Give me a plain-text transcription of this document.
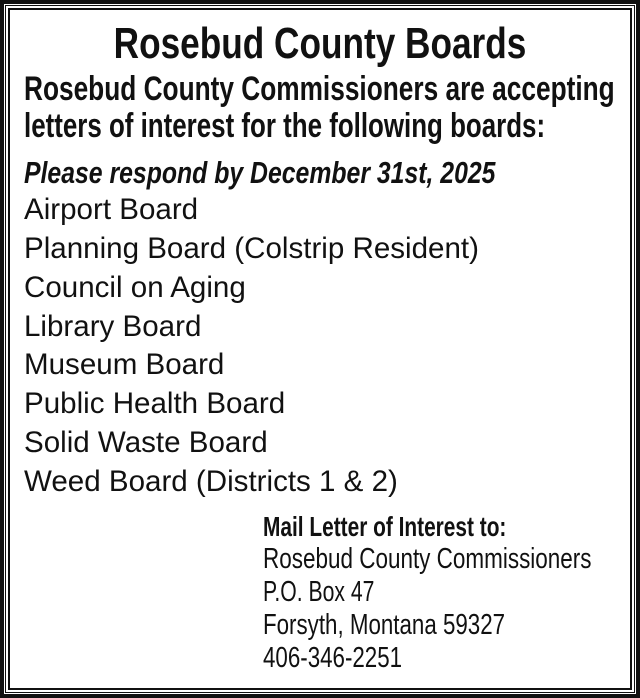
Rosebud County Boards
Rosebud County Commissioners are accepting
letters of interest for the following boards:
Please respond by December 31st, 2025
Airport Board
Planning Board (Colstrip Resident)
Council on Aging
Library Board
Museum Board
Public Health Board
Solid Waste Board
Weed Board (Districts 1 & 2)
Mail Letter of Interest to:
Rosebud County Commissioners
P.O. Box 47
Forsyth, Montana 59327
406-346-2251
